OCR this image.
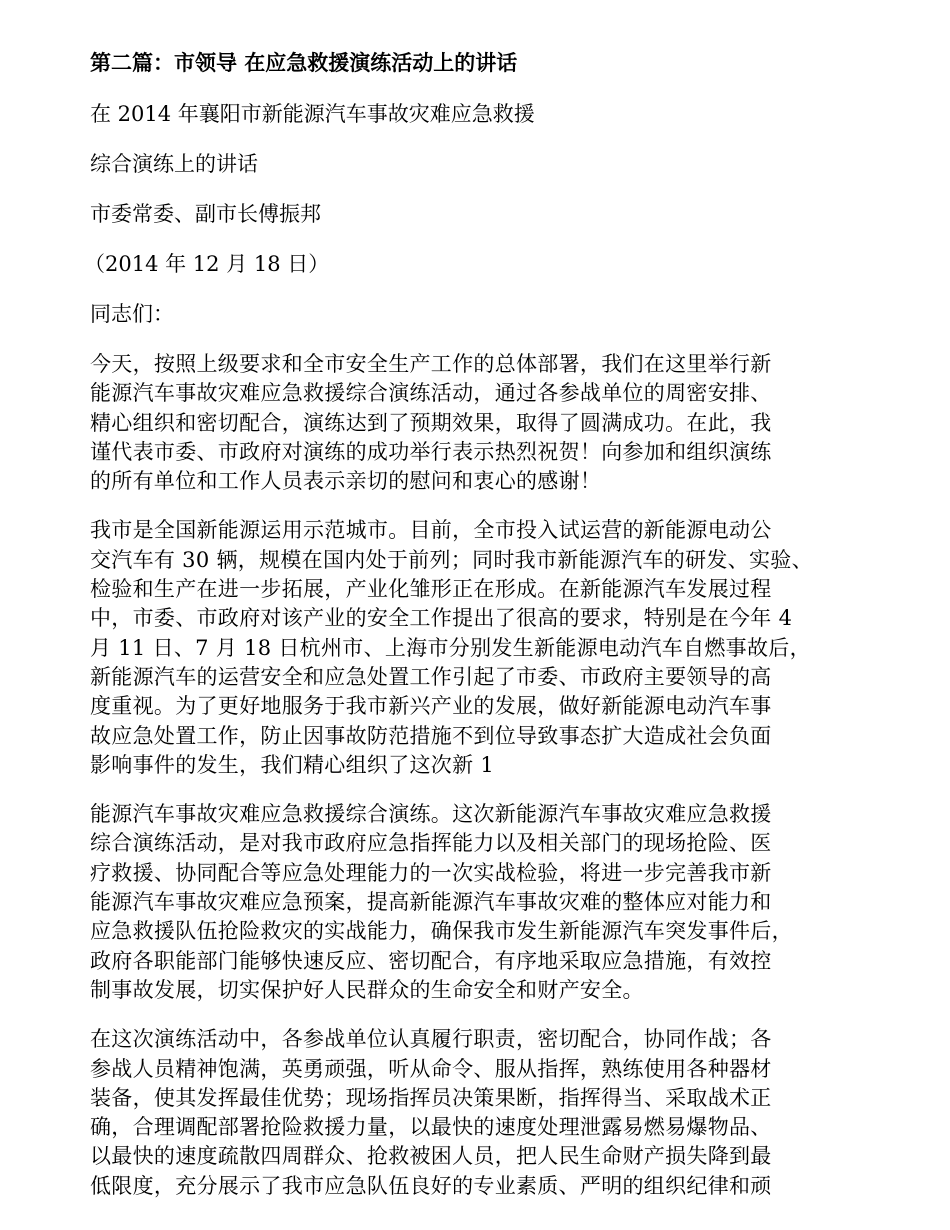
第二篇：市领导 在应急救援演练活动上的讲话
在 2014 年襄阳市新能源汽车事故灾难应急救援
综合演练上的讲话
市委常委、副市长傅振邦
（2014 年 12 月 18 日）
同志们：
今天，按照上级要求和全市安全生产工作的总体部署，我们在这里举行新
能源汽车事故灾难应急救援综合演练活动，通过各参战单位的周密安排、
精心组织和密切配合，演练达到了预期效果，取得了圆满成功。在此，我
谨代表市委、市政府对演练的成功举行表示热烈祝贺！向参加和组织演练
的所有单位和工作人员表示亲切的慰问和衷心的感谢！
我市是全国新能源运用示范城市。目前，全市投入试运营的新能源电动公
交汽车有 30 辆，规模在国内处于前列；同时我市新能源汽车的研发、实验、
检验和生产在进一步拓展，产业化雏形正在形成。在新能源汽车发展过程
中，市委、市政府对该产业的安全工作提出了很高的要求，特别是在今年 4
月 11 日、7 月 18 日杭州市、上海市分别发生新能源电动汽车自燃事故后，
新能源汽车的运营安全和应急处置工作引起了市委、市政府主要领导的高
度重视。为了更好地服务于我市新兴产业的发展，做好新能源电动汽车事
故应急处置工作，防止因事故防范措施不到位导致事态扩大造成社会负面
影响事件的发生，我们精心组织了这次新 1
能源汽车事故灾难应急救援综合演练。这次新能源汽车事故灾难应急救援
综合演练活动，是对我市政府应急指挥能力以及相关部门的现场抢险、医
疗救援、协同配合等应急处理能力的一次实战检验，将进一步完善我市新
能源汽车事故灾难应急预案，提高新能源汽车事故灾难的整体应对能力和
应急救援队伍抢险救灾的实战能力，确保我市发生新能源汽车突发事件后，
政府各职能部门能够快速反应、密切配合，有序地采取应急措施，有效控
制事故发展，切实保护好人民群众的生命安全和财产安全。
在这次演练活动中，各参战单位认真履行职责，密切配合，协同作战；各
参战人员精神饱满，英勇顽强，听从命令、服从指挥，熟练使用各种器材
装备，使其发挥最佳优势；现场指挥员决策果断，指挥得当、采取战术正
确，合理调配部署抢险救援力量，以最快的速度处理泄露易燃易爆物品、
以最快的速度疏散四周群众、抢救被困人员，把人民生命财产损失降到最
低限度，充分展示了我市应急队伍良好的专业素质、严明的组织纪律和顽
